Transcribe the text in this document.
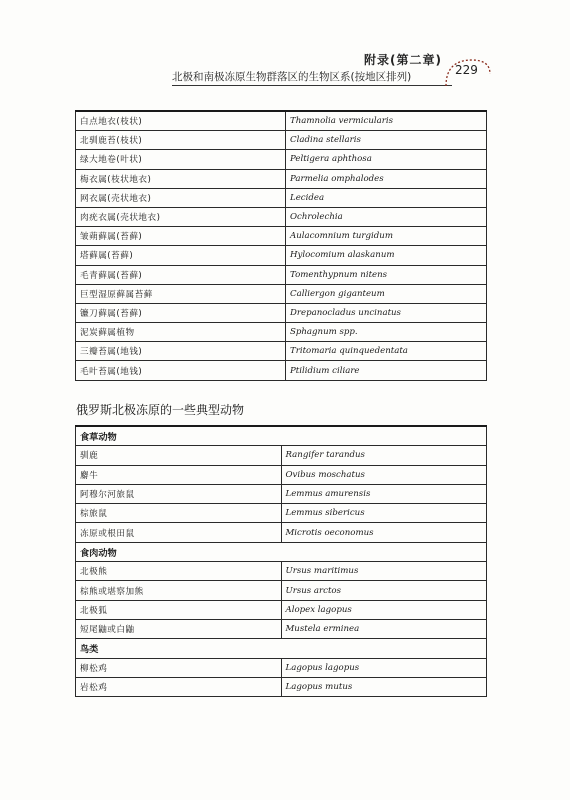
附录(第二章)
北极和南极冻原生物群落区的生物区系(按地区排列)	229
白点地衣(枝状)	Thamnolia vermicularis
北驯鹿苔(枝状)	Cladina stellaris
绿大地卷(叶状)	Peltigera aphthosa
梅衣属(枝状地衣)	Parmelia omphalodes
网衣属(壳状地衣)	Lecidea
肉疣衣属(壳状地衣)	Ochrolechia
皱蒴藓属(苔藓)	Aulacomnium turgidum
塔藓属(苔藓)	Hylocomium alaskanum
毛青藓属(苔藓)	Tomenthypnum nitens
巨型湿原藓属苔藓	Calliergon giganteum
镰刀藓属(苔藓)	Drepanocladus uncinatus
泥炭藓属植物	Sphagnum spp.
三瓣苔属(地钱)	Tritomaria quinquedentata
毛叶苔属(地钱)	Ptilidium ciliare
俄罗斯北极冻原的一些典型动物
食草动物	
驯鹿	Rangifer tarandus
麝牛	Ovibus moschatus
阿穆尔河旅鼠	Lemmus amurensis
棕旅鼠	Lemmus sibericus
冻原或根田鼠	Microtis oeconomus
食肉动物	
北极熊	Ursus maritimus
棕熊或堪察加熊	Ursus arctos
北极狐	Alopex lagopus
短尾鼬或白鼬	Mustela erminea
鸟类	
柳松鸡	Lagopus lagopus
岩松鸡	Lagopus mutus
